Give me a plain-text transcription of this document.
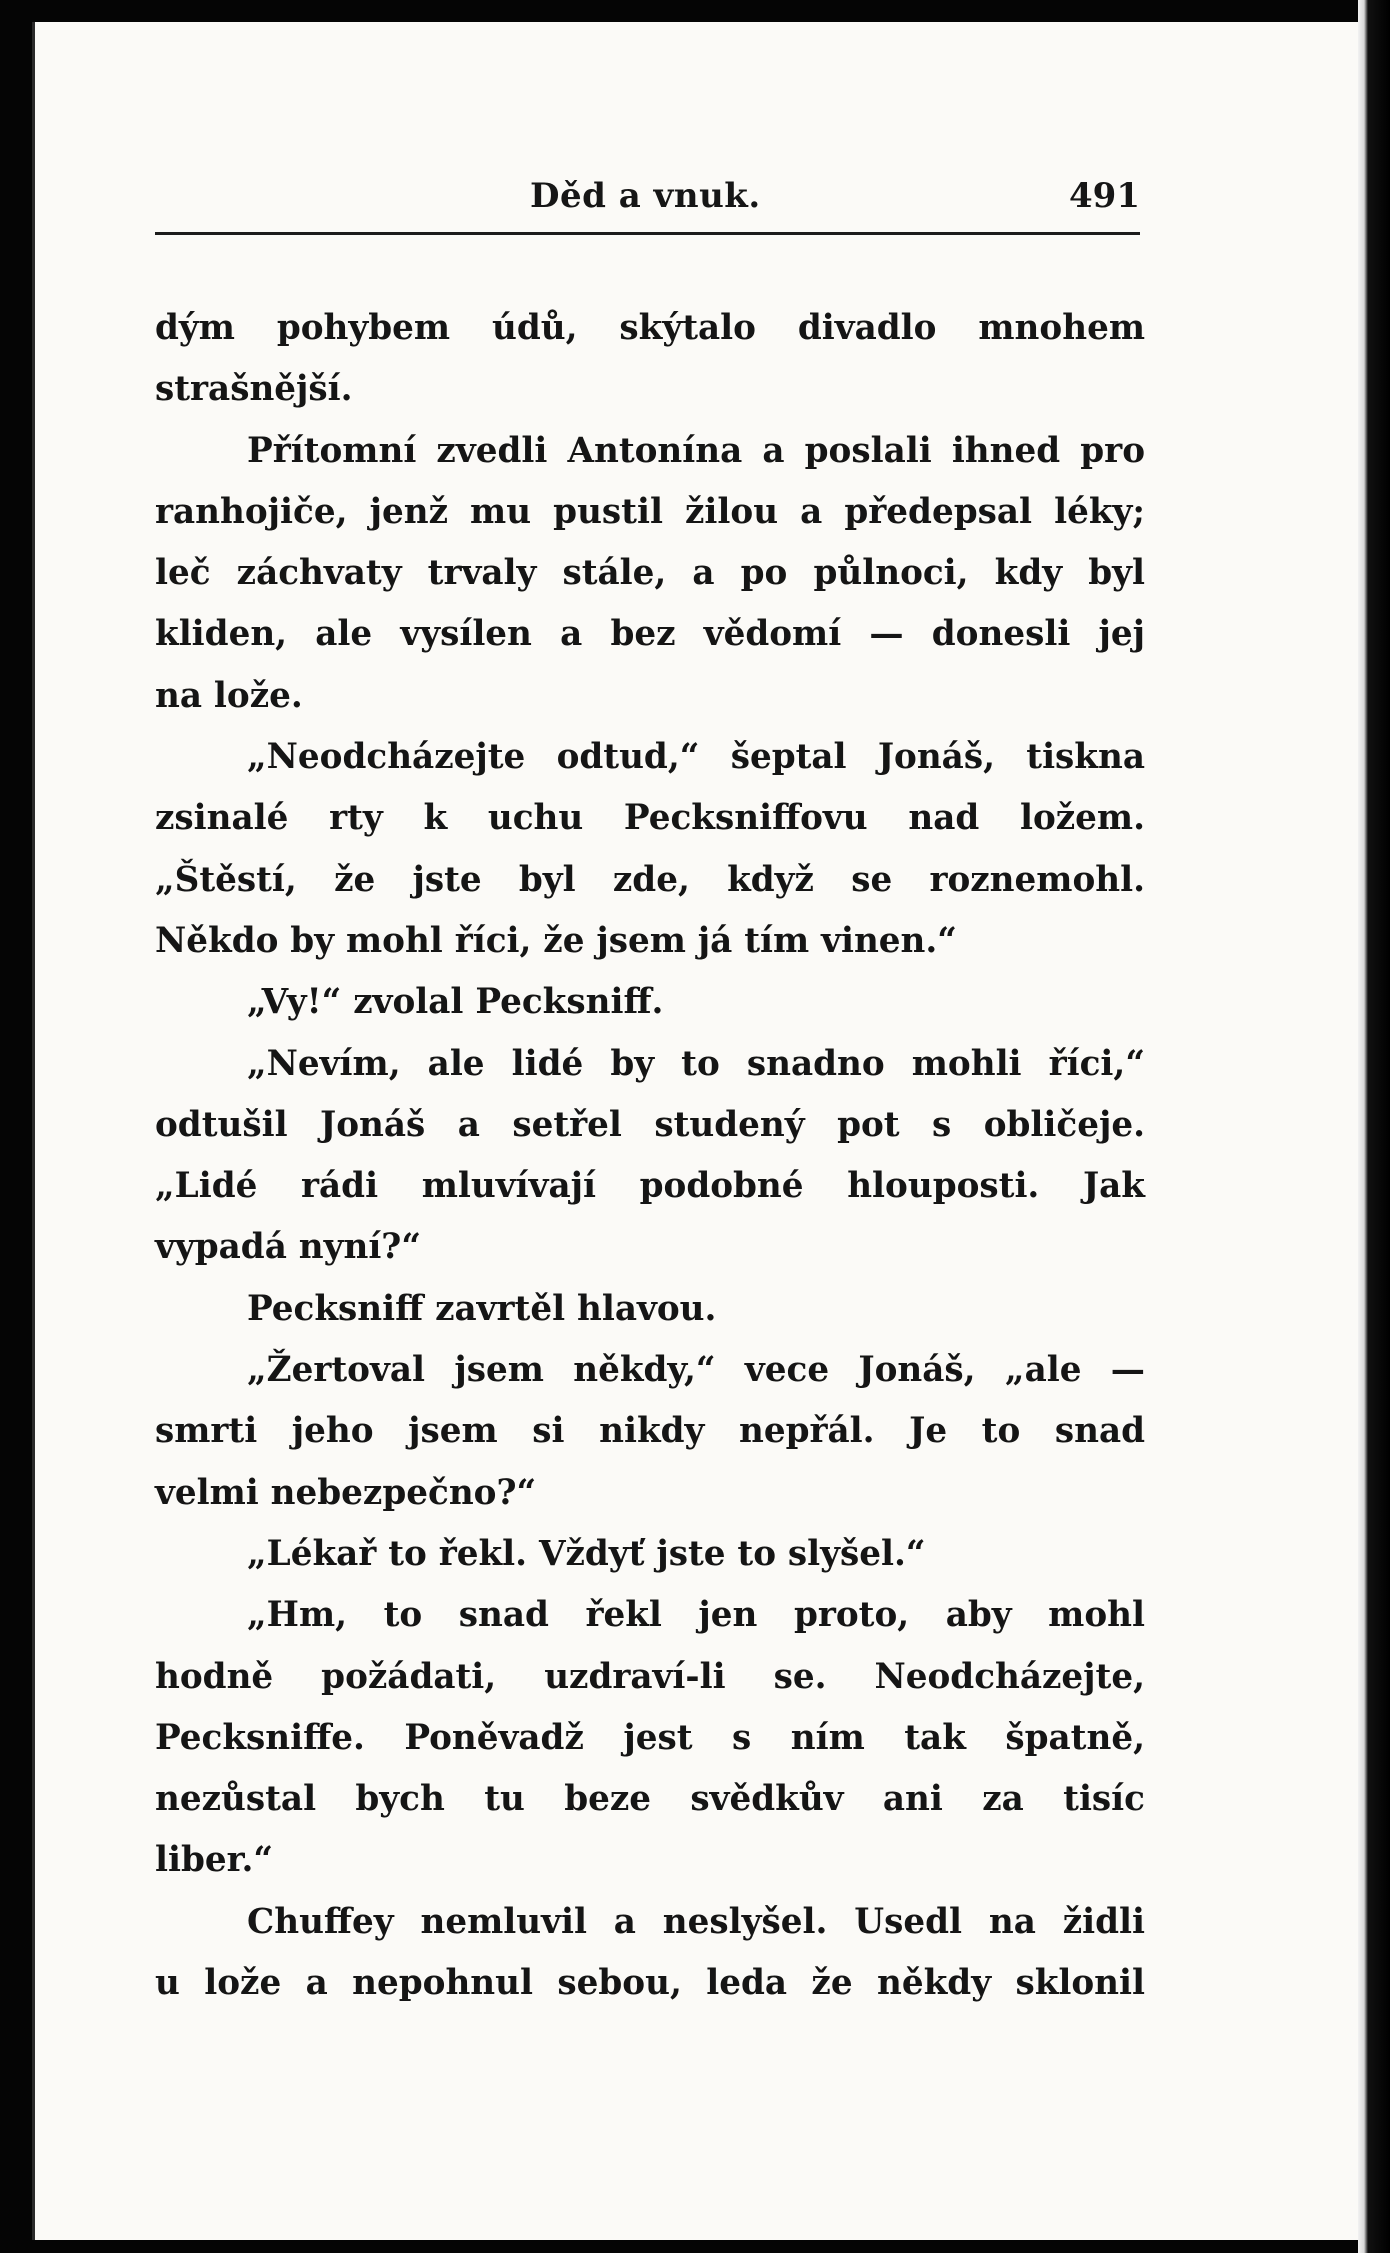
Děd a vnuk.	491
dým pohybem údů, skýtalo divadlo mnohem
strašnější.
Přítomní zvedli Antonína a poslali ihned pro
ranhojiče, jenž mu pustil žilou a předepsal léky;
leč záchvaty trvaly stále, a po půlnoci, kdy byl
kliden, ale vysílen a bez vědomí — donesli jej
na lože.
„Neodcházejte odtud,“ šeptal Jonáš, tiskna
zsinalé rty k uchu Pecksniffovu nad ložem.
„Štěstí, že jste byl zde, když se roznemohl.
Někdo by mohl říci, že jsem já tím vinen.“
„Vy!“ zvolal Pecksniff.
„Nevím, ale lidé by to snadno mohli říci,“
odtušil Jonáš a setřel studený pot s obličeje.
„Lidé rádi mluvívají podobné hlouposti. Jak
vypadá nyní?“
Pecksniff zavrtěl hlavou.
„Žertoval jsem někdy,“ vece Jonáš, „ale —
smrti jeho jsem si nikdy nepřál. Je to snad
velmi nebezpečno?“
„Lékař to řekl. Vždyť jste to slyšel.“
„Hm, to snad řekl jen proto, aby mohl
hodně požádati, uzdraví-li se. Neodcházejte,
Pecksniffe. Poněvadž jest s ním tak špatně,
nezůstal bych tu beze svědkův ani za tisíc
liber.“
Chuffey nemluvil a neslyšel. Usedl na židli
u lože a nepohnul sebou, leda že někdy sklonil
